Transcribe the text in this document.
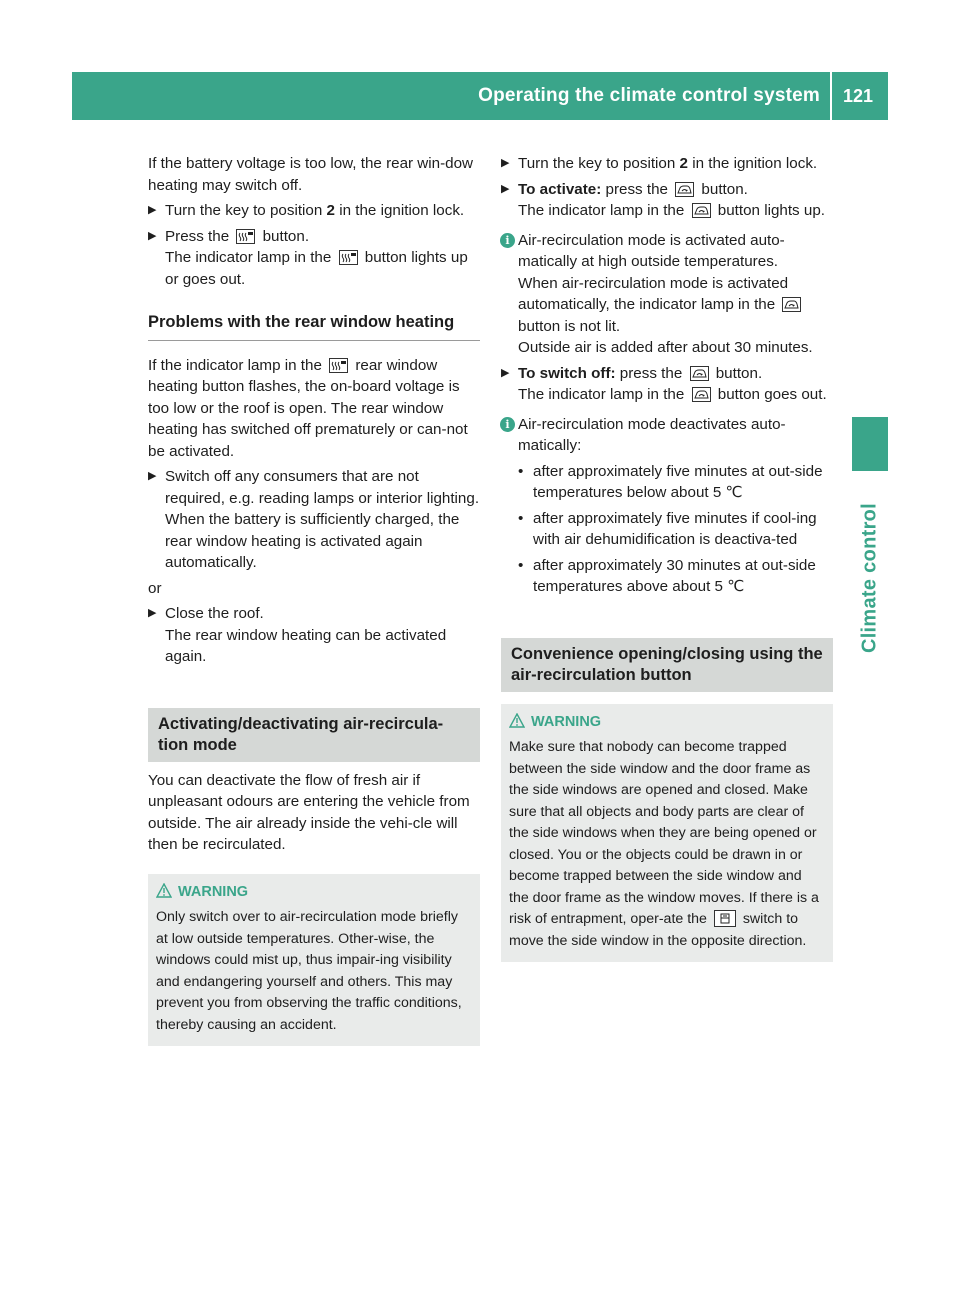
Operating the climate control system	121
Climate control

If the battery voltage is too low, the rear win-dow heating may switch off.

▶ Turn the key to position 2 in the ignition lock.
▶ Press the
button.
The indicator lamp in the
button lights up or goes out.
Problems with the rear window heating

If the indicator lamp in the
rear window heating button flashes, the on-board voltage is too low or the roof is open. The rear window heating has switched off prematurely or can-not be activated.

▶ Switch off any consumers that are not required, e.g. reading lamps or interior lighting.
When the battery is sufficiently charged, the rear window heating is activated again automatically.

or

▶ Close the roof.
The rear window heating can be activated again.
Activating/deactivating air-recircula-tion mode

You can deactivate the flow of fresh air if unpleasant odours are entering the vehicle from outside. The air already inside the vehi-cle will then be recirculated.

WARNING
Only switch over to air-recirculation mode briefly at low outside temperatures. Other-wise, the windows could mist up, thus impair-ing visibility and endangering yourself and others. This may prevent you from observing the traffic conditions, thereby causing an accident.
▶ Turn the key to position 2 in the ignition lock.
▶ To activate: press the
button.
The indicator lamp in the
button lights up.
i Air-recirculation mode is activated auto-matically at high outside temperatures.
When air-recirculation mode is activated automatically, the indicator lamp in the
button is not lit.
Outside air is added after about 30 minutes.
▶ To switch off: press the
button.
The indicator lamp in the
button goes out.
i Air-recirculation mode deactivates auto-matically:
• after approximately five minutes at out-side temperatures below about 5 ℃
• after approximately five minutes if cool-ing with air dehumidification is deactiva-ted
• after approximately 30 minutes at out-side temperatures above about 5 ℃
Convenience opening/closing using the air-recirculation button
WARNING
Make sure that nobody can become trapped between the side window and the door frame as the side windows are opened and closed. Make sure that all objects and body parts are clear of the side windows when they are being opened or closed. You or the objects could be drawn in or become trapped between the side window and the door frame as the window moves. If there is a risk of entrapment, oper-ate the  switch to move the side window in the opposite direction.
